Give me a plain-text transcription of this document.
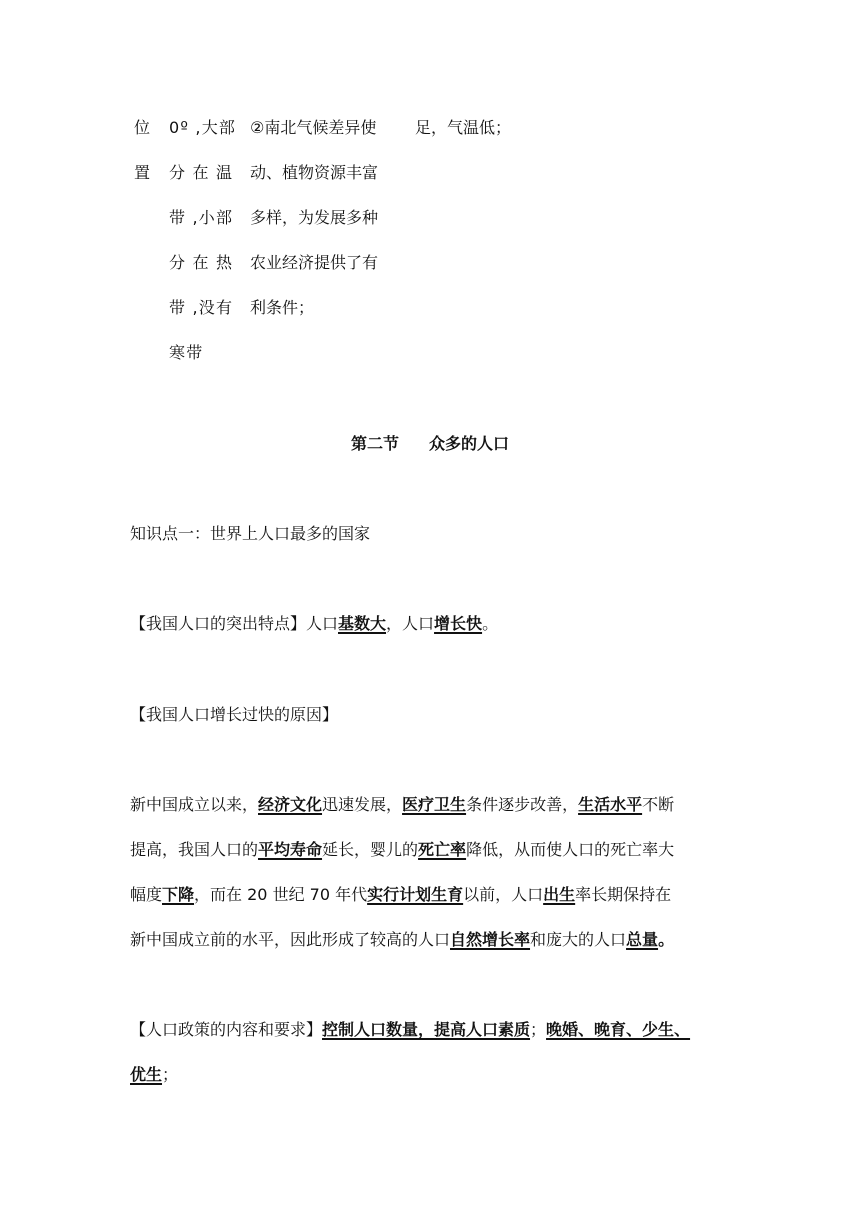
位
置
0º ,大部
分 在 温
带 ,小部
分 在 热
带 ,没有
寒带
②南北气候差异使
动、植物资源丰富
多样，为发展多种
农业经济提供了有
利条件；
足，气温低；
第二节 众多的人口
知识点一：世界上人口最多的国家
【我国人口的突出特点】人口基数大，人口增长快。
【我国人口增长过快的原因】
新中国成立以来，经济文化迅速发展，医疗卫生条件逐步改善，生活水平不断
提高，我国人口的平均寿命延长，婴儿的死亡率降低，从而使人口的死亡率大
幅度下降，而在 20 世纪 70 年代实行计划生育以前，人口出生率长期保持在
新中国成立前的水平，因此形成了较高的人口自然增长率和庞大的人口总量。
【人口政策的内容和要求】控制人口数量，提高人口素质；晚婚、晚育、少生、
优生；
